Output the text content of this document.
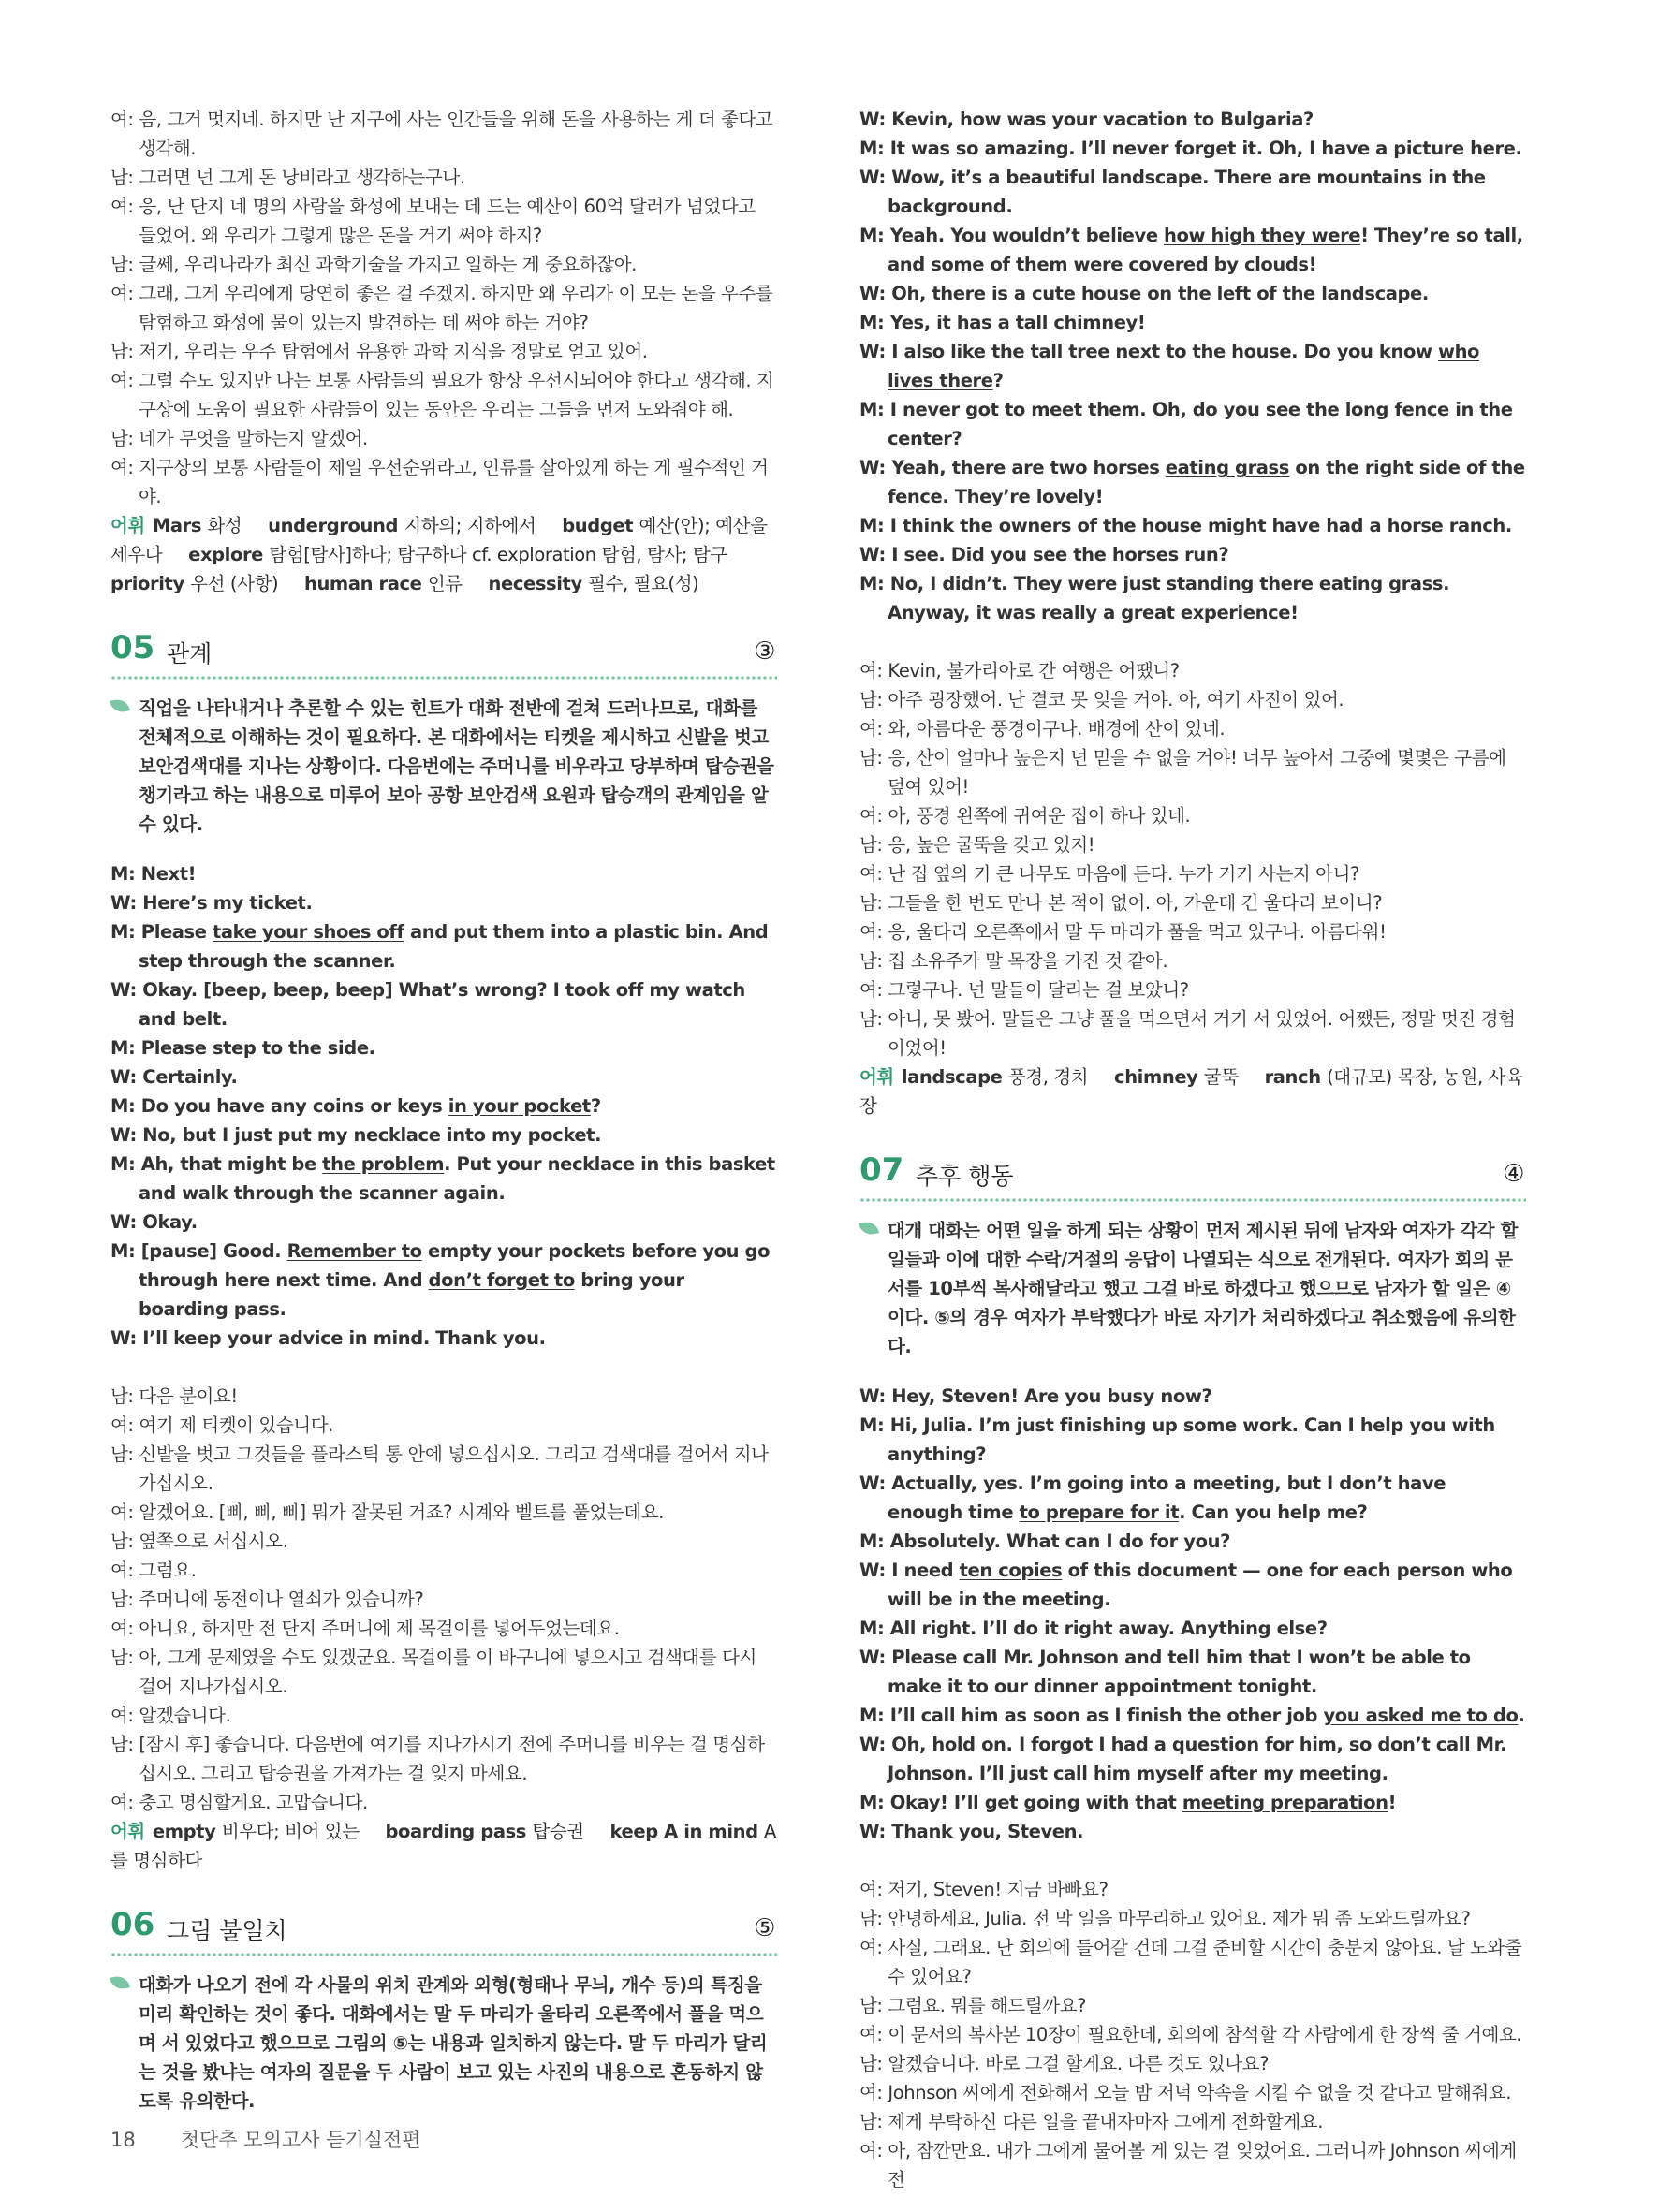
여: 음, 그거 멋지네. 하지만 난 지구에 사는 인간들을 위해 돈을 사용하는 게 더 좋다고 생각해.

남: 그러면 넌 그게 돈 낭비라고 생각하는구나.

여: 응, 난 단지 네 명의 사람을 화성에 보내는 데 드는 예산이 60억 달러가 넘었다고 들었어. 왜 우리가 그렇게 많은 돈을 거기 써야 하지?

남: 글쎄, 우리나라가 최신 과학기술을 가지고 일하는 게 중요하잖아.

여: 그래, 그게 우리에게 당연히 좋은 걸 주겠지. 하지만 왜 우리가 이 모든 돈을 우주를 탐험하고 화성에 물이 있는지 발견하는 데 써야 하는 거야?

남: 저기, 우리는 우주 탐험에서 유용한 과학 지식을 정말로 얻고 있어.

여: 그럴 수도 있지만 나는 보통 사람들의 필요가 항상 우선시되어야 한다고 생각해. 지구상에 도움이 필요한 사람들이 있는 동안은 우리는 그들을 먼저 도와줘야 해.

남: 네가 무엇을 말하는지 알겠어.

여: 지구상의 보통 사람들이 제일 우선순위라고, 인류를 살아있게 하는 게 필수적인 거야.

어휘 Mars 화성 underground 지하의; 지하에서 budget 예산(안); 예산을 세우다 explore 탐험[탐사]하다; 탐구하다 cf. exploration 탐험, 탐사; 탐구 priority 우선 (사항) human race 인류 necessity 필수, 필요(성)

05 관계	③
직업을 나타내거나 추론할 수 있는 힌트가 대화 전반에 걸쳐 드러나므로, 대화를 전체적으로 이해하는 것이 필요하다. 본 대화에서는 티켓을 제시하고 신발을 벗고 보안검색대를 지나는 상황이다. 다음번에는 주머니를 비우라고 당부하며 탑승권을 챙기라고 하는 내용으로 미루어 보아 공항 보안검색 요원과 탑승객의 관계임을 알 수 있다.

M: Next!

W: Here’s my ticket.

M: Please take your shoes off and put them into a plastic bin. And step through the scanner.

W: Okay. [beep, beep, beep] What’s wrong? I took off my watch and belt.

M: Please step to the side.

W: Certainly.

M: Do you have any coins or keys in your pocket?

W: No, but I just put my necklace into my pocket.

M: Ah, that might be the problem. Put your necklace in this basket and walk through the scanner again.

W: Okay.

M: [pause] Good. Remember to empty your pockets before you go through here next time. And don’t forget to bring your boarding pass.

W: I’ll keep your advice in mind. Thank you.

남: 다음 분이요!

여: 여기 제 티켓이 있습니다.

남: 신발을 벗고 그것들을 플라스틱 통 안에 넣으십시오. 그리고 검색대를 걸어서 지나가십시오.

여: 알겠어요. [삐, 삐, 삐] 뭐가 잘못된 거죠? 시계와 벨트를 풀었는데요.

남: 옆쪽으로 서십시오.

여: 그럼요.

남: 주머니에 동전이나 열쇠가 있습니까?

여: 아니요, 하지만 전 단지 주머니에 제 목걸이를 넣어두었는데요.

남: 아, 그게 문제였을 수도 있겠군요. 목걸이를 이 바구니에 넣으시고 검색대를 다시 걸어 지나가십시오.

여: 알겠습니다.

남: [잠시 후] 좋습니다. 다음번에 여기를 지나가시기 전에 주머니를 비우는 걸 명심하십시오. 그리고 탑승권을 가져가는 걸 잊지 마세요.

여: 충고 명심할게요. 고맙습니다.

어휘 empty 비우다; 비어 있는 boarding pass 탑승권 keep A in mind A를 명심하다

06 그림 불일치	⑤
대화가 나오기 전에 각 사물의 위치 관계와 외형(형태나 무늬, 개수 등)의 특징을 미리 확인하는 것이 좋다. 대화에서는 말 두 마리가 울타리 오른쪽에서 풀을 먹으며 서 있었다고 했으므로 그림의 ⑤는 내용과 일치하지 않는다. 말 두 마리가 달리는 것을 봤냐는 여자의 질문을 두 사람이 보고 있는 사진의 내용으로 혼동하지 않도록 유의한다.

W: Kevin, how was your vacation to Bulgaria?

M: It was so amazing. I’ll never forget it. Oh, I have a picture here.

W: Wow, it’s a beautiful landscape. There are mountains in the background.

M: Yeah. You wouldn’t believe how high they were! They’re so tall, and some of them were covered by clouds!

W: Oh, there is a cute house on the left of the landscape.

M: Yes, it has a tall chimney!

W: I also like the tall tree next to the house. Do you know who lives there?

M: I never got to meet them. Oh, do you see the long fence in the center?

W: Yeah, there are two horses eating grass on the right side of the fence. They’re lovely!

M: I think the owners of the house might have had a horse ranch.

W: I see. Did you see the horses run?

M: No, I didn’t. They were just standing there eating grass. Anyway, it was really a great experience!

여: Kevin, 불가리아로 간 여행은 어땠니?

남: 아주 굉장했어. 난 결코 못 잊을 거야. 아, 여기 사진이 있어.

여: 와, 아름다운 풍경이구나. 배경에 산이 있네.

남: 응, 산이 얼마나 높은지 넌 믿을 수 없을 거야! 너무 높아서 그중에 몇몇은 구름에 덮여 있어!

여: 아, 풍경 왼쪽에 귀여운 집이 하나 있네.

남: 응, 높은 굴뚝을 갖고 있지!

여: 난 집 옆의 키 큰 나무도 마음에 든다. 누가 거기 사는지 아니?

남: 그들을 한 번도 만나 본 적이 없어. 아, 가운데 긴 울타리 보이니?

여: 응, 울타리 오른쪽에서 말 두 마리가 풀을 먹고 있구나. 아름다워!

남: 집 소유주가 말 목장을 가진 것 같아.

여: 그렇구나. 넌 말들이 달리는 걸 보았니?

남: 아니, 못 봤어. 말들은 그냥 풀을 먹으면서 거기 서 있었어. 어쨌든, 정말 멋진 경험이었어!

어휘 landscape 풍경, 경치 chimney 굴뚝 ranch (대규모) 목장, 농원, 사육장

07 추후 행동	④
대개 대화는 어떤 일을 하게 되는 상황이 먼저 제시된 뒤에 남자와 여자가 각각 할 일들과 이에 대한 수락/거절의 응답이 나열되는 식으로 전개된다. 여자가 회의 문서를 10부씩 복사해달라고 했고 그걸 바로 하겠다고 했으므로 남자가 할 일은 ④이다. ⑤의 경우 여자가 부탁했다가 바로 자기가 처리하겠다고 취소했음에 유의한다.

W: Hey, Steven! Are you busy now?

M: Hi, Julia. I’m just finishing up some work. Can I help you with anything?

W: Actually, yes. I’m going into a meeting, but I don’t have enough time to prepare for it. Can you help me?

M: Absolutely. What can I do for you?

W: I need ten copies of this document — one for each person who will be in the meeting.

M: All right. I’ll do it right away. Anything else?

W: Please call Mr. Johnson and tell him that I won’t be able to make it to our dinner appointment tonight.

M: I’ll call him as soon as I finish the other job you asked me to do.

W: Oh, hold on. I forgot I had a question for him, so don’t call Mr. Johnson. I’ll just call him myself after my meeting.

M: Okay! I’ll get going with that meeting preparation!

W: Thank you, Steven.

여: 저기, Steven! 지금 바빠요?

남: 안녕하세요, Julia. 전 막 일을 마무리하고 있어요. 제가 뭐 좀 도와드릴까요?

여: 사실, 그래요. 난 회의에 들어갈 건데 그걸 준비할 시간이 충분치 않아요. 날 도와줄 수 있어요?

남: 그럼요. 뭐를 해드릴까요?

여: 이 문서의 복사본 10장이 필요한데, 회의에 참석할 각 사람에게 한 장씩 줄 거예요.

남: 알겠습니다. 바로 그걸 할게요. 다른 것도 있나요?

여: Johnson 씨에게 전화해서 오늘 밤 저녁 약속을 지킬 수 없을 것 같다고 말해줘요.

남: 제게 부탁하신 다른 일을 끝내자마자 그에게 전화할게요.

여: 아, 잠깐만요. 내가 그에게 물어볼 게 있는 걸 잊었어요. 그러니까 Johnson 씨에게 전

18 첫단추 모의고사 듣기실전편
